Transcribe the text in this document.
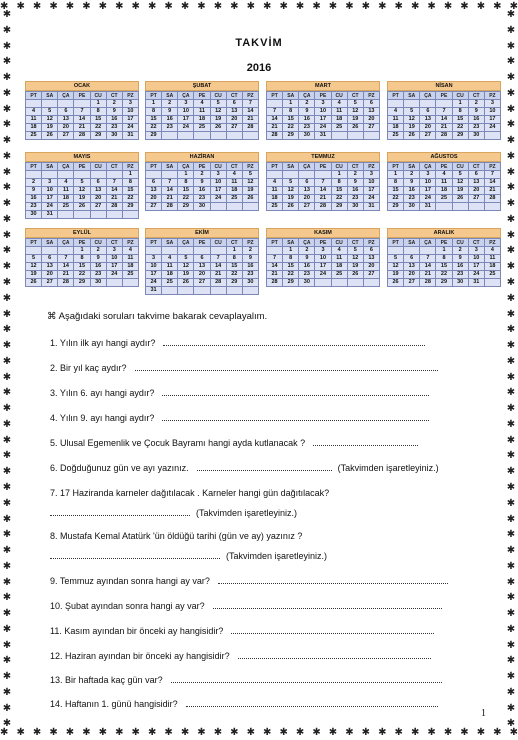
✱ ✱ ✱ ✱ ✱ ✱ ✱ ✱ ✱ ✱ ✱ ✱ ✱ ✱ ✱ ✱ ✱ ✱ ✱ ✱ ✱ ✱ ✱ ✱ ✱ ✱ ✱ ✱ ✱ ✱ ✱ ✱
✱ ✱ ✱ ✱ ✱ ✱ ✱ ✱ ✱ ✱ ✱ ✱ ✱ ✱ ✱ ✱ ✱ ✱ ✱ ✱ ✱ ✱ ✱ ✱ ✱ ✱ ✱ ✱ ✱ ✱ ✱ ✱
✱
✱
✱
✱
✱
✱
✱
✱
✱
✱
✱
✱
✱
✱
✱
✱
✱
✱
✱
✱
✱
✱
✱
✱
✱
✱
✱
✱
✱
✱
✱
✱
✱
✱
✱
✱
✱
✱
✱
✱
✱
✱
✱
✱
✱
✱
✱
✱
✱
✱
✱
✱
✱
✱
✱
✱
✱
✱
✱
✱
✱
✱
✱
✱
✱
✱
✱
✱
✱
✱
✱
✱
✱
✱
✱
✱
✱
✱
✱
✱
✱
✱
✱
✱
✱
✱
✱
✱
✱
✱
✱
✱
TAKVİM
2016
OCAK
PT	SA	ÇA	PE	CU	CT	PZ
				1	2	3
4	5	6	7	8	9	10
11	12	13	14	15	16	17
18	19	20	21	22	23	24
25	26	27	28	29	30	31
ŞUBAT
PT	SA	ÇA	PE	CU	CT	PZ
1	2	3	4	5	6	7
8	9	10	11	12	13	14
15	16	17	18	19	20	21
22	23	24	25	26	27	28
29						
MART
PT	SA	ÇA	PE	CU	CT	PZ
	1	2	3	4	5	6
7	8	9	10	11	12	13
14	15	16	17	18	19	20
21	22	23	24	25	26	27
28	29	30	31			
NİSAN
PT	SA	ÇA	PE	CU	CT	PZ
				1	2	3
4	5	6	7	8	9	10
11	12	13	14	15	16	17
18	19	20	21	22	23	24
25	26	27	28	29	30	
MAYIS
PT	SA	ÇA	PE	CU	CT	PZ
						1
2	3	4	5	6	7	8
9	10	11	12	13	14	15
16	17	18	19	20	21	22
23	24	25	26	27	28	29
30	31					
HAZİRAN
PT	SA	ÇA	PE	CU	CT	PZ
		1	2	3	4	5
6	7	8	9	10	11	12
13	14	15	16	17	18	19
20	21	22	23	24	25	26
27	28	29	30			
TEMMUZ
PT	SA	ÇA	PE	CU	CT	PZ
				1	2	3
4	5	6	7	8	9	10
11	12	13	14	15	16	17
18	19	20	21	22	23	24
25	26	27	28	29	30	31
AĞUSTOS
PT	SA	ÇA	PE	CU	CT	PZ
1	2	3	4	5	6	7
8	9	10	11	12	13	14
15	16	17	18	19	20	21
22	23	24	25	26	27	28
29	30	31				
EYLÜL
PT	SA	ÇA	PE	CU	CT	PZ
			1	2	3	4
5	6	7	8	9	10	11
12	13	14	15	16	17	18
19	20	21	22	23	24	25
26	27	28	29	30		
EKİM
PT	SA	ÇA	PE	CU	CT	PZ
					1	2
3	4	5	6	7	8	9
10	11	12	13	14	15	16
17	18	19	20	21	22	23
24	25	26	27	28	29	30
31						
KASIM
PT	SA	ÇA	PE	CU	CT	PZ
	1	2	3	4	5	6
7	8	9	10	11	12	13
14	15	16	17	18	19	20
21	22	23	24	25	26	27
28	29	30				
ARALIK
PT	SA	ÇA	PE	CU	CT	PZ
			1	2	3	4
5	6	7	8	9	10	11
12	13	14	15	16	17	18
19	20	21	22	23	24	25
26	27	28	29	30	31	
⌘ Aşağıdaki soruları takvime bakarak cevaplayalım.
1. Yılın ilk ayı hangi aydır?
2. Bir yıl kaç aydır?
3. Yılın 6. ayı hangi aydır?
4. Yılın 9. ayı hangi aydır?
5. Ulusal Egemenlik ve Çocuk Bayramı hangi ayda kutlanacak ?
6. Doğduğunuz gün ve ayı yazınız.	(Takvimden işaretleyiniz.)
7. 17 Haziranda karneler dağıtılacak . Karneler hangi gün dağıtılacak?
(Takvimden işaretleyiniz.)
8. Mustafa Kemal Atatürk 'ün öldüğü tarihi (gün ve ay) yazınız ?
(Takvimden işaretleyiniz.)
9. Temmuz ayından sonra hangi ay var?
10. Şubat ayından sonra hangi ay var?
11. Kasım ayından bir önceki ay hangisidir?
12. Haziran ayından bir önceki ay hangisidir?
13. Bir haftada kaç gün var?
14. Haftanın 1. günü hangisidir?
1
